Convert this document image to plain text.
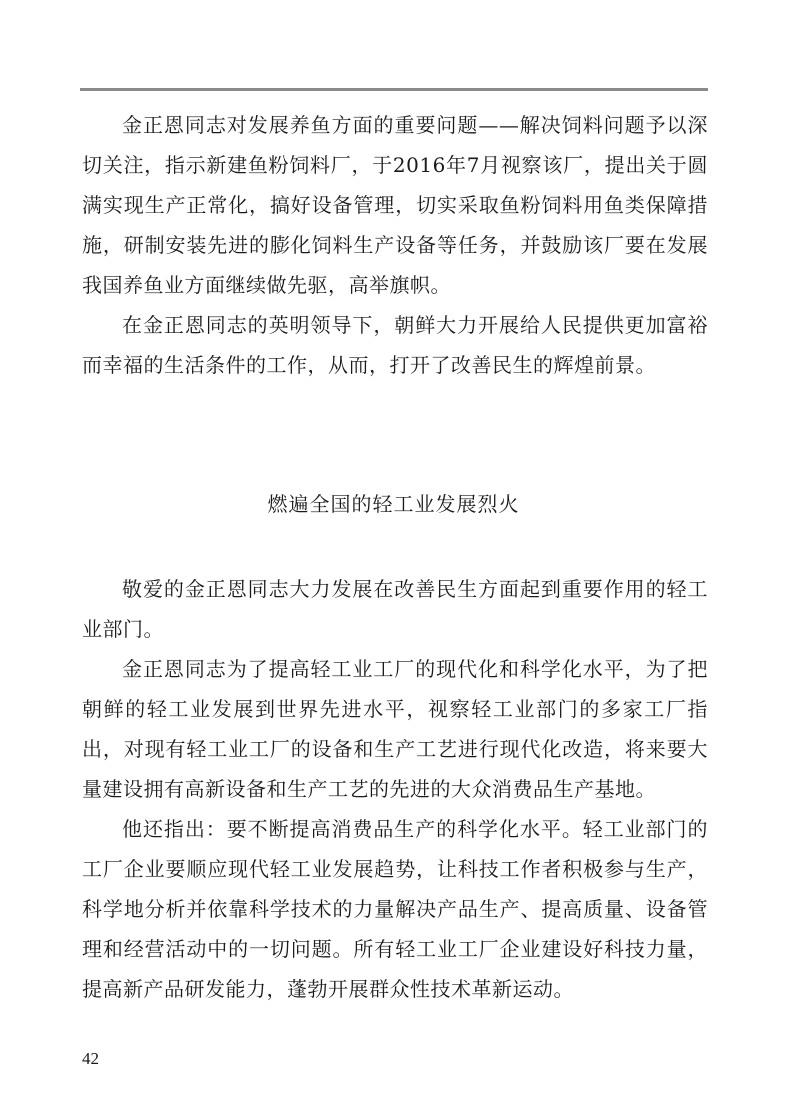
金正恩同志对发展养鱼方面的重要问题——解决饲料问题予以深切关注，指示新建鱼粉饲料厂，于2016年7月视察该厂，提出关于圆满实现生产正常化，搞好设备管理，切实采取鱼粉饲料用鱼类保障措施，研制安装先进的膨化饲料生产设备等任务，并鼓励该厂要在发展我国养鱼业方面继续做先驱，高举旗帜。

在金正恩同志的英明领导下，朝鲜大力开展给人民提供更加富裕而幸福的生活条件的工作，从而，打开了改善民生的辉煌前景。

燃遍全国的轻工业发展烈火

敬爱的金正恩同志大力发展在改善民生方面起到重要作用的轻工业部门。

金正恩同志为了提高轻工业工厂的现代化和科学化水平，为了把朝鲜的轻工业发展到世界先进水平，视察轻工业部门的多家工厂指出，对现有轻工业工厂的设备和生产工艺进行现代化改造，将来要大量建设拥有高新设备和生产工艺的先进的大众消费品生产基地。

他还指出：要不断提高消费品生产的科学化水平。轻工业部门的工厂企业要顺应现代轻工业发展趋势，让科技工作者积极参与生产，科学地分析并依靠科学技术的力量解决产品生产、提高质量、设备管理和经营活动中的一切问题。所有轻工业工厂企业建设好科技力量，提高新产品研发能力，蓬勃开展群众性技术革新运动。

42
